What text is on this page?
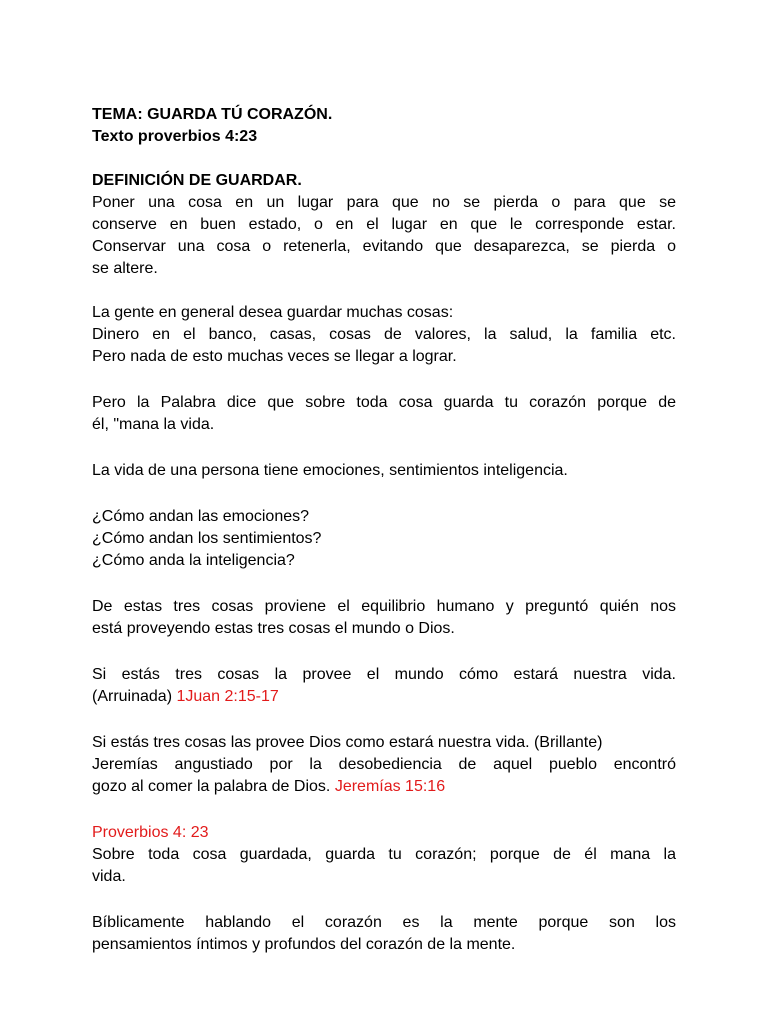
TEMA: GUARDA TÚ CORAZÓN.
Texto proverbios 4:23
DEFINICIÓN DE GUARDAR.
Poner una cosa en un lugar para que no se pierda o para que se
conserve en buen estado, o en el lugar en que le corresponde estar.
Conservar una cosa o retenerla, evitando que desaparezca, se pierda o
se altere.
La gente en general desea guardar muchas cosas:
Dinero en el banco, casas, cosas de valores, la salud, la familia etc.
Pero nada de esto muchas veces se llegar a lograr.
Pero la Palabra dice que sobre toda cosa guarda tu corazón porque de
él, "mana la vida.
La vida de una persona tiene emociones, sentimientos inteligencia.
¿Cómo andan las emociones?
¿Cómo andan los sentimientos?
¿Cómo anda la inteligencia?
De estas tres cosas proviene el equilibrio humano y preguntó quién nos
está proveyendo estas tres cosas el mundo o Dios.
Si estás tres cosas la provee el mundo cómo estará nuestra vida.
(Arruinada) 1Juan 2:15-17
Si estás tres cosas las provee Dios como estará nuestra vida. (Brillante)
Jeremías angustiado por la desobediencia de aquel pueblo encontró
gozo al comer la palabra de Dios. Jeremías 15:16
Proverbios 4: 23
Sobre toda cosa guardada, guarda tu corazón; porque de él mana la
vida.
Bíblicamente hablando el corazón es la mente porque son los
pensamientos íntimos y profundos del corazón de la mente.
